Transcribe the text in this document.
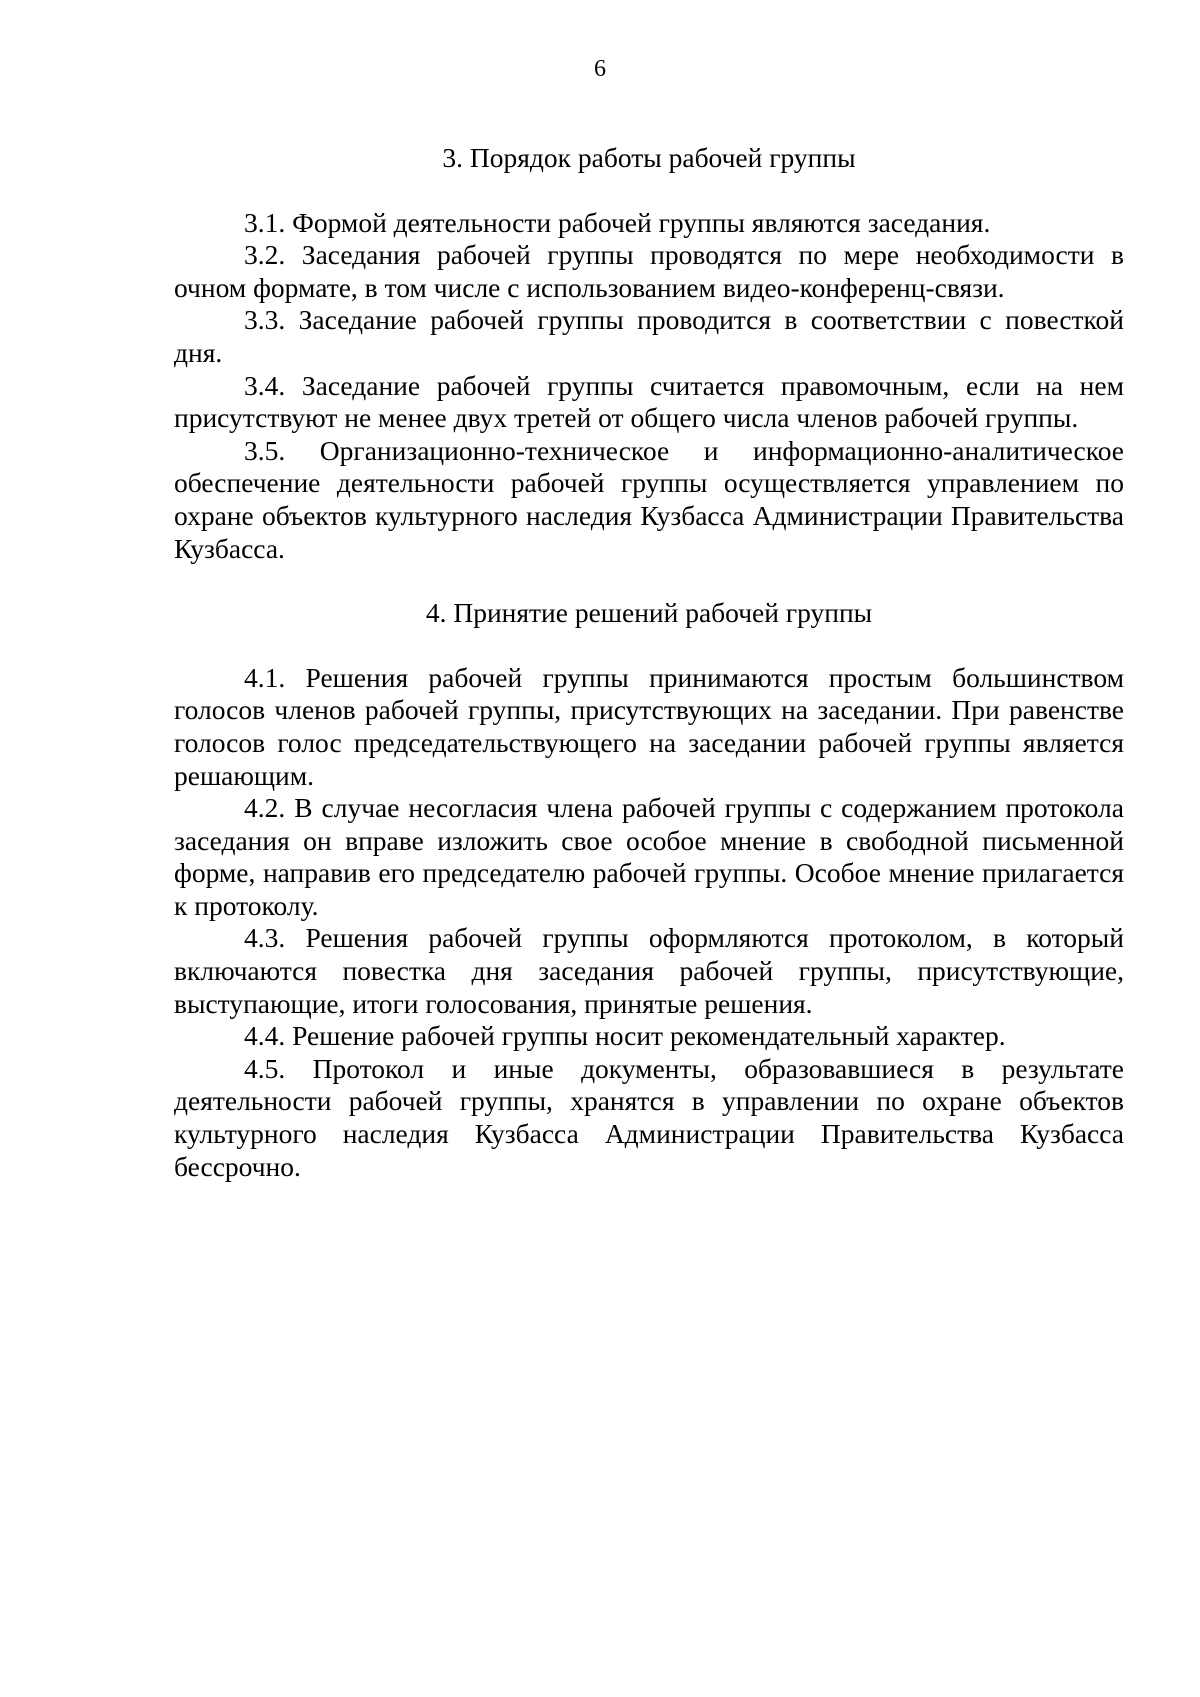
6
3. Порядок работы рабочей группы

3.1. Формой деятельности рабочей группы являются заседания.

3.2. Заседания рабочей группы проводятся по мере необходимости в очном формате, в том числе с использованием видео-конференц-связи.

3.3. Заседание рабочей группы проводится в соответствии с повесткой дня.

3.4. Заседание рабочей группы считается правомочным, если на нем присутствуют не менее двух третей от общего числа членов рабочей группы.

3.5. Организационно-техническое и информационно-аналитическое обеспечение деятельности рабочей группы осуществляется управлением по охране объектов культурного наследия Кузбасса Администрации Правительства Кузбасса.

4. Принятие решений рабочей группы

4.1. Решения рабочей группы принимаются простым большинством голосов членов рабочей группы, присутствующих на заседании. При равенстве голосов голос председательствующего на заседании рабочей группы является решающим.

4.2. В случае несогласия члена рабочей группы с содержанием протокола заседания он вправе изложить свое особое мнение в свободной письменной форме, направив его председателю рабочей группы. Особое мнение прилагается к протоколу.

4.3. Решения рабочей группы оформляются протоколом, в который включаются повестка дня заседания рабочей группы, присутствующие, выступающие, итоги голосования, принятые решения.

4.4. Решение рабочей группы носит рекомендательный характер.

4.5. Протокол и иные документы, образовавшиеся в результате деятельности рабочей группы, хранятся в управлении по охране объектов культурного наследия Кузбасса Администрации Правительства Кузбасса бессрочно.
